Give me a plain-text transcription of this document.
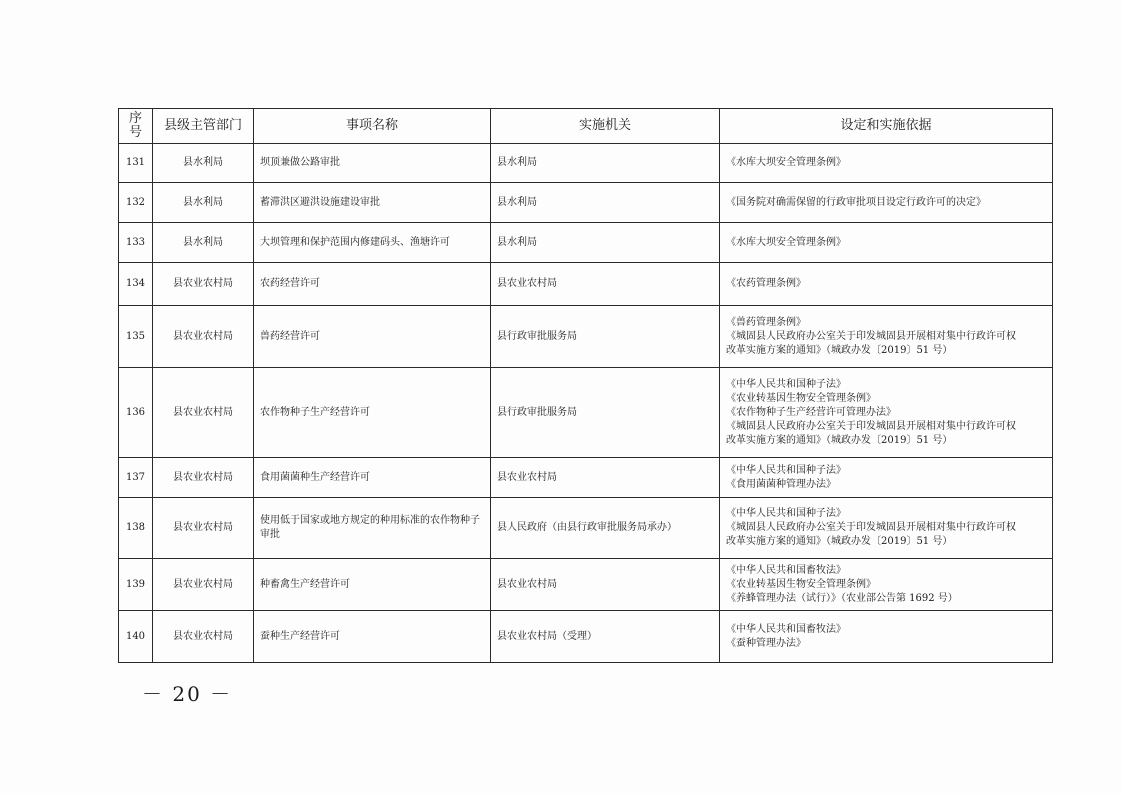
序号	县级主管部门	事项名称	实施机关	设定和实施依据
131	县水利局	坝顶兼做公路审批	县水利局	《水库大坝安全管理条例》

132	县水利局	蓄滞洪区避洪设施建设审批	县水利局	《国务院对确需保留的行政审批项目设定行政许可的决定》

133	县水利局	大坝管理和保护范围内修建码头、渔塘许可	县水利局	《水库大坝安全管理条例》

134	县农业农村局	农药经营许可	县农业农村局	《农药管理条例》

135	县农业农村局	兽药经营许可	县行政审批服务局	《兽药管理条例》
《城固县人民政府办公室关于印发城固县开展相对集中行政许可权
改革实施方案的通知》（城政办发〔2019〕51 号）

136	县农业农村局	农作物种子生产经营许可	县行政审批服务局	《中华人民共和国种子法》
《农业转基因生物安全管理条例》
《农作物种子生产经营许可管理办法》
《城固县人民政府办公室关于印发城固县开展相对集中行政许可权
改革实施方案的通知》（城政办发〔2019〕51 号）

137	县农业农村局	食用菌菌种生产经营许可	县农业农村局	《中华人民共和国种子法》
《食用菌菌种管理办法》

138	县农业农村局	使用低于国家或地方规定的种用标准的农作物种子审批	县人民政府（由县行政审批服务局承办）	《中华人民共和国种子法》
《城固县人民政府办公室关于印发城固县开展相对集中行政许可权
改革实施方案的通知》（城政办发〔2019〕51 号）

139	县农业农村局	种畜禽生产经营许可	县农业农村局	《中华人民共和国畜牧法》
《农业转基因生物安全管理条例》
《养蜂管理办法（试行）》（农业部公告第 1692 号）

140	县农业农村局	蚕种生产经营许可	县农业农村局（受理）	《中华人民共和国畜牧法》
《蚕种管理办法》
－ 20 －
